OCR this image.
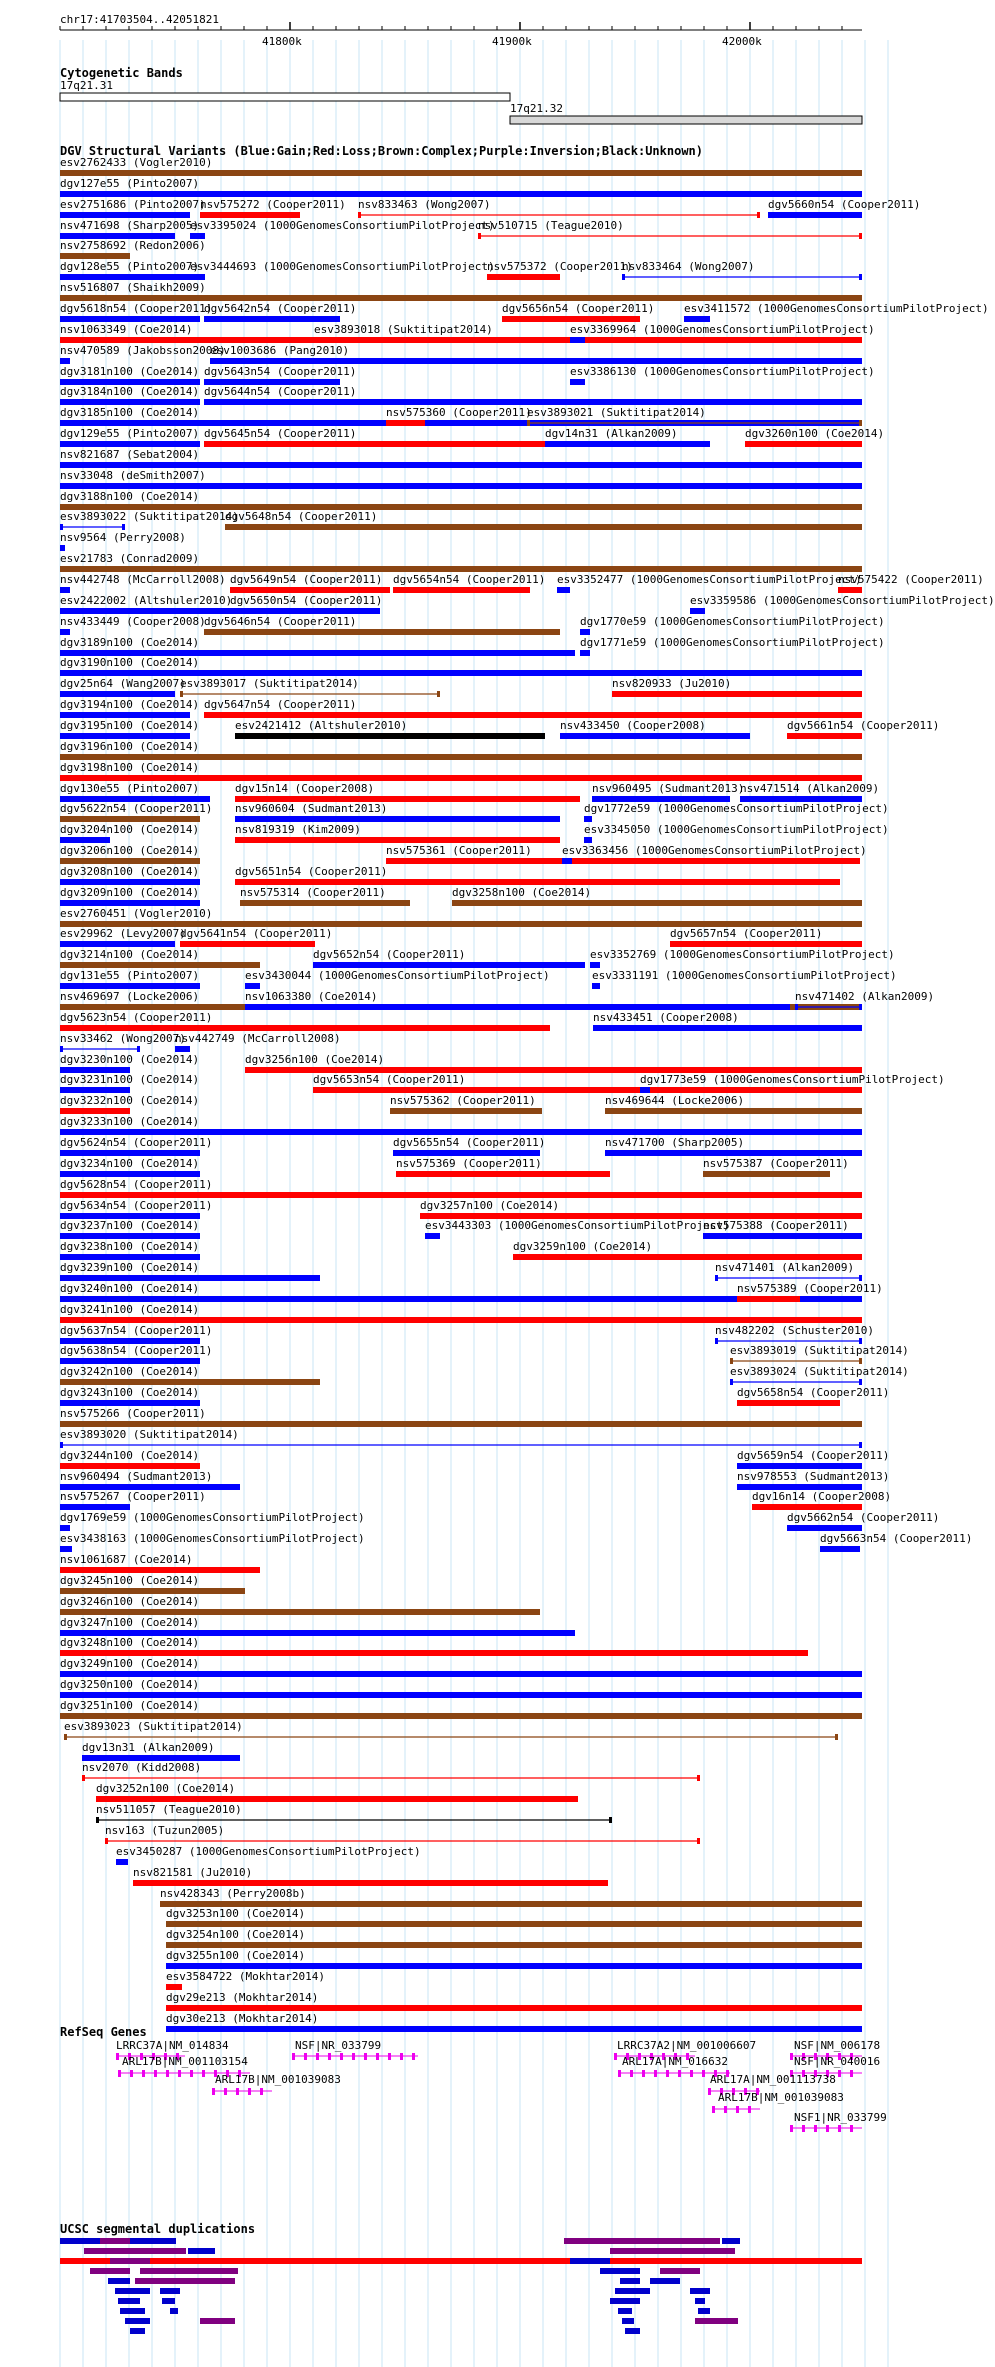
chr17:41703504..42051821
41800k	41900k	42000k
Cytogenetic Bands
17q21.31
17q21.32
DGV Structural Variants (Blue:Gain;Red:Loss;Brown:Complex;Purple:Inversion;Black:Unknown)
RefSeq Genes
UCSC segmental duplications
esv2762433 (Vogler2010)
dgv127e55 (Pinto2007)
esv2751686 (Pinto2007)
nsv575272 (Cooper2011) nsv833463 (Wong2007)	dgv5660n54 (Cooper2011)
nsv471698 (Sharp2005)
esv3395024 (1000GenomesConsortiumPilotProject)
nsv510715 (Teague2010)
nsv2758692 (Redon2006)
dgv128e55 (Pinto2007)
esv3444693 (1000GenomesConsortiumPilotProject)
nsv575372 (Cooper2011)
nsv833464 (Wong2007)
nsv516807 (Shaikh2009)
dgv5618n54 (Cooper2011)
dgv5642n54 (Cooper2011)	dgv5656n54 (Cooper2011)	esv3411572 (1000GenomesConsortiumPilotProject)
nsv1063349 (Coe2014)	esv3893018 (Suktitipat2014)	esv3369964 (1000GenomesConsortiumPilotProject)
nsv470589 (Jakobsson2008)
esv1003686 (Pang2010)
dgv3181n100 (Coe2014) dgv5643n54 (Cooper2011)	esv3386130 (1000GenomesConsortiumPilotProject)
dgv3184n100 (Coe2014) dgv5644n54 (Cooper2011)
dgv3185n100 (Coe2014)	nsv575360 (Cooper2011)
esv3893021 (Suktitipat2014)
dgv129e55 (Pinto2007) dgv5645n54 (Cooper2011)	dgv14n31 (Alkan2009)	dgv3260n100 (Coe2014)
nsv821687 (Sebat2004)
nsv33048 (deSmith2007)
dgv3188n100 (Coe2014)
esv3893022 (Suktitipat2014)
dgv5648n54 (Cooper2011)
nsv9564 (Perry2008)
esv21783 (Conrad2009)
nsv442748 (McCarroll2008) dgv5649n54 (Cooper2011) dgv5654n54 (Cooper2011) esv3352477 (1000GenomesConsortiumPilotProject)
nsv575422 (Cooper2011)
esv2422002 (Altshuler2010)
dgv5650n54 (Cooper2011)	esv3359586 (1000GenomesConsortiumPilotProject)
nsv433449 (Cooper2008)
dgv5646n54 (Cooper2011)	dgv1770e59 (1000GenomesConsortiumPilotProject)
dgv3189n100 (Coe2014)	dgv1771e59 (1000GenomesConsortiumPilotProject)
dgv3190n100 (Coe2014)
dgv25n64 (Wang2007)
esv3893017 (Suktitipat2014)	nsv820933 (Ju2010)
dgv3194n100 (Coe2014) dgv5647n54 (Cooper2011)
dgv3195n100 (Coe2014)	esv2421412 (Altshuler2010)	nsv433450 (Cooper2008)	dgv5661n54 (Cooper2011)
dgv3196n100 (Coe2014)
dgv3198n100 (Coe2014)
dgv130e55 (Pinto2007)	dgv15n14 (Cooper2008)	nsv960495 (Sudmant2013)
nsv471514 (Alkan2009)
dgv5622n54 (Cooper2011) nsv960604 (Sudmant2013)	dgv1772e59 (1000GenomesConsortiumPilotProject)
dgv3204n100 (Coe2014)	nsv819319 (Kim2009)	esv3345050 (1000GenomesConsortiumPilotProject)
dgv3206n100 (Coe2014)	nsv575361 (Cooper2011)	esv3363456 (1000GenomesConsortiumPilotProject)
dgv3208n100 (Coe2014)	dgv5651n54 (Cooper2011)
dgv3209n100 (Coe2014)	nsv575314 (Cooper2011)	dgv3258n100 (Coe2014)
esv2760451 (Vogler2010)
esv29962 (Levy2007)
dgv5641n54 (Cooper2011)	dgv5657n54 (Cooper2011)
dgv3214n100 (Coe2014)	dgv5652n54 (Cooper2011)	esv3352769 (1000GenomesConsortiumPilotProject)
dgv131e55 (Pinto2007)	esv3430044 (1000GenomesConsortiumPilotProject)	esv3331191 (1000GenomesConsortiumPilotProject)
nsv469697 (Locke2006)	nsv1063380 (Coe2014)	nsv471402 (Alkan2009)
dgv5623n54 (Cooper2011)	nsv433451 (Cooper2008)
nsv33462 (Wong2007)
nsv442749 (McCarroll2008)
dgv3230n100 (Coe2014)	dgv3256n100 (Coe2014)
dgv3231n100 (Coe2014)	dgv5653n54 (Cooper2011)	dgv1773e59 (1000GenomesConsortiumPilotProject)
dgv3232n100 (Coe2014)	nsv575362 (Cooper2011)	nsv469644 (Locke2006)
dgv3233n100 (Coe2014)
dgv5624n54 (Cooper2011)	dgv5655n54 (Cooper2011)	nsv471700 (Sharp2005)
dgv3234n100 (Coe2014)	nsv575369 (Cooper2011)	nsv575387 (Cooper2011)
dgv5628n54 (Cooper2011)
dgv5634n54 (Cooper2011)	dgv3257n100 (Coe2014)
dgv3237n100 (Coe2014)	esv3443303 (1000GenomesConsortiumPilotProject)
nsv575388 (Cooper2011)
dgv3238n100 (Coe2014)	dgv3259n100 (Coe2014)
dgv3239n100 (Coe2014)	nsv471401 (Alkan2009)
dgv3240n100 (Coe2014)	nsv575389 (Cooper2011)
dgv3241n100 (Coe2014)
dgv5637n54 (Cooper2011)	nsv482202 (Schuster2010)
dgv5638n54 (Cooper2011)	esv3893019 (Suktitipat2014)
dgv3242n100 (Coe2014)	esv3893024 (Suktitipat2014)
dgv3243n100 (Coe2014)	dgv5658n54 (Cooper2011)
nsv575266 (Cooper2011)
esv3893020 (Suktitipat2014)
dgv3244n100 (Coe2014)	dgv5659n54 (Cooper2011)
nsv960494 (Sudmant2013)	nsv978553 (Sudmant2013)
nsv575267 (Cooper2011)	dgv16n14 (Cooper2008)
dgv1769e59 (1000GenomesConsortiumPilotProject)	dgv5662n54 (Cooper2011)
esv3438163 (1000GenomesConsortiumPilotProject)	dgv5663n54 (Cooper2011)
nsv1061687 (Coe2014)
dgv3245n100 (Coe2014)
dgv3246n100 (Coe2014)
dgv3247n100 (Coe2014)
dgv3248n100 (Coe2014)
dgv3249n100 (Coe2014)
dgv3250n100 (Coe2014)
dgv3251n100 (Coe2014)
esv3893023 (Suktitipat2014)
dgv13n31 (Alkan2009)
nsv2070 (Kidd2008)
dgv3252n100 (Coe2014)
nsv511057 (Teague2010)
nsv163 (Tuzun2005)
esv3450287 (1000GenomesConsortiumPilotProject)
nsv821581 (Ju2010)
nsv428343 (Perry2008b)
dgv3253n100 (Coe2014)
dgv3254n100 (Coe2014)
dgv3255n100 (Coe2014)
esv3584722 (Mokhtar2014)
dgv29e213 (Mokhtar2014)
dgv30e213 (Mokhtar2014)
LRRC37A|NM_014834	NSF|NR_033799
ARL17B|NM_001103154
ARL17B|NM_001039083
LRRC37A2|NM_001006607	NSF|NM_006178
ARL17A|NM_016632	NSF|NR_040016
ARL17A|NM_001113738
ARL17B|NM_001039083
NSF1|NR_033799
